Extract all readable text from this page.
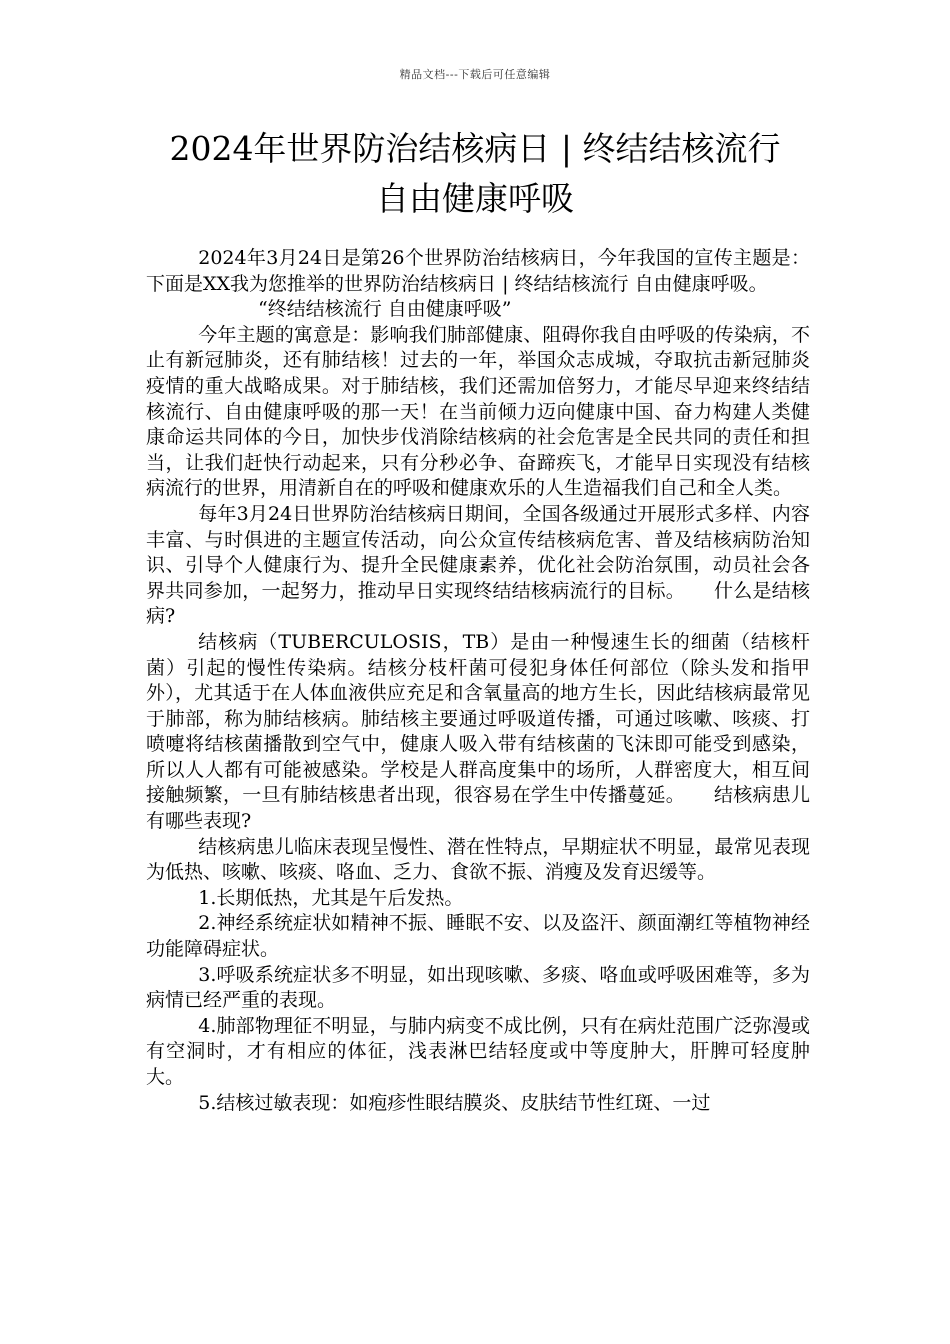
精品文档---下载后可任意编辑
2024年世界防治结核病日 | 终结结核流行
自由健康呼吸

2024年3月24日是第26个世界防治结核病日，今年我国的宣传主题是：下面是XX我为您推举的世界防治结核病日 | 终结结核流行 自由健康呼吸。

“终结结核流行 自由健康呼吸”

今年主题的寓意是：影响我们肺部健康、阻碍你我自由呼吸的传染病，不止有新冠肺炎，还有肺结核！过去的一年，举国众志成城，夺取抗击新冠肺炎疫情的重大战略成果。对于肺结核，我们还需加倍努力，才能尽早迎来终结结核流行、自由健康呼吸的那一天！在当前倾力迈向健康中国、奋力构建人类健康命运共同体的今日，加快步伐消除结核病的社会危害是全民共同的责任和担当，让我们赶快行动起来，只有分秒必争、奋蹄疾飞，才能早日实现没有结核病流行的世界，用清新自在的呼吸和健康欢乐的人生造福我们自己和全人类。

每年3月24日世界防治结核病日期间，全国各级通过开展形式多样、内容丰富、与时俱进的主题宣传活动，向公众宣传结核病危害、普及结核病防治知识、引导个人健康行为、提升全民健康素养，优化社会防治氛围，动员社会各界共同参加，一起努力，推动早日实现终结结核病流行的目标。　　什么是结核病?

结核病（TUBERCULOSIS，TB）是由一种慢速生长的细菌（结核杆菌）引起的慢性传染病。结核分枝杆菌可侵犯身体任何部位（除头发和指甲外），尤其适于在人体血液供应充足和含氧量高的地方生长，因此结核病最常见于肺部，称为肺结核病。肺结核主要通过呼吸道传播，可通过咳嗽、咳痰、打喷嚏将结核菌播散到空气中，健康人吸入带有结核菌的飞沫即可能受到感染，所以人人都有可能被感染。学校是人群高度集中的场所，人群密度大，相互间接触频繁，一旦有肺结核患者出现，很容易在学生中传播蔓延。　　结核病患儿有哪些表现?

结核病患儿临床表现呈慢性、潜在性特点，早期症状不明显，最常见表现为低热、咳嗽、咳痰、咯血、乏力、食欲不振、消瘦及发育迟缓等。

1.长期低热，尤其是午后发热。

2.神经系统症状如精神不振、睡眠不安、以及盗汗、颜面潮红等植物神经功能障碍症状。

3.呼吸系统症状多不明显，如出现咳嗽、多痰、咯血或呼吸困难等，多为病情已经严重的表现。

4.肺部物理征不明显，与肺内病变不成比例，只有在病灶范围广泛弥漫或有空洞时，才有相应的体征，浅表淋巴结轻度或中等度肿大，肝脾可轻度肿大。

5.结核过敏表现：如疱疹性眼结膜炎、皮肤结节性红斑、一过
